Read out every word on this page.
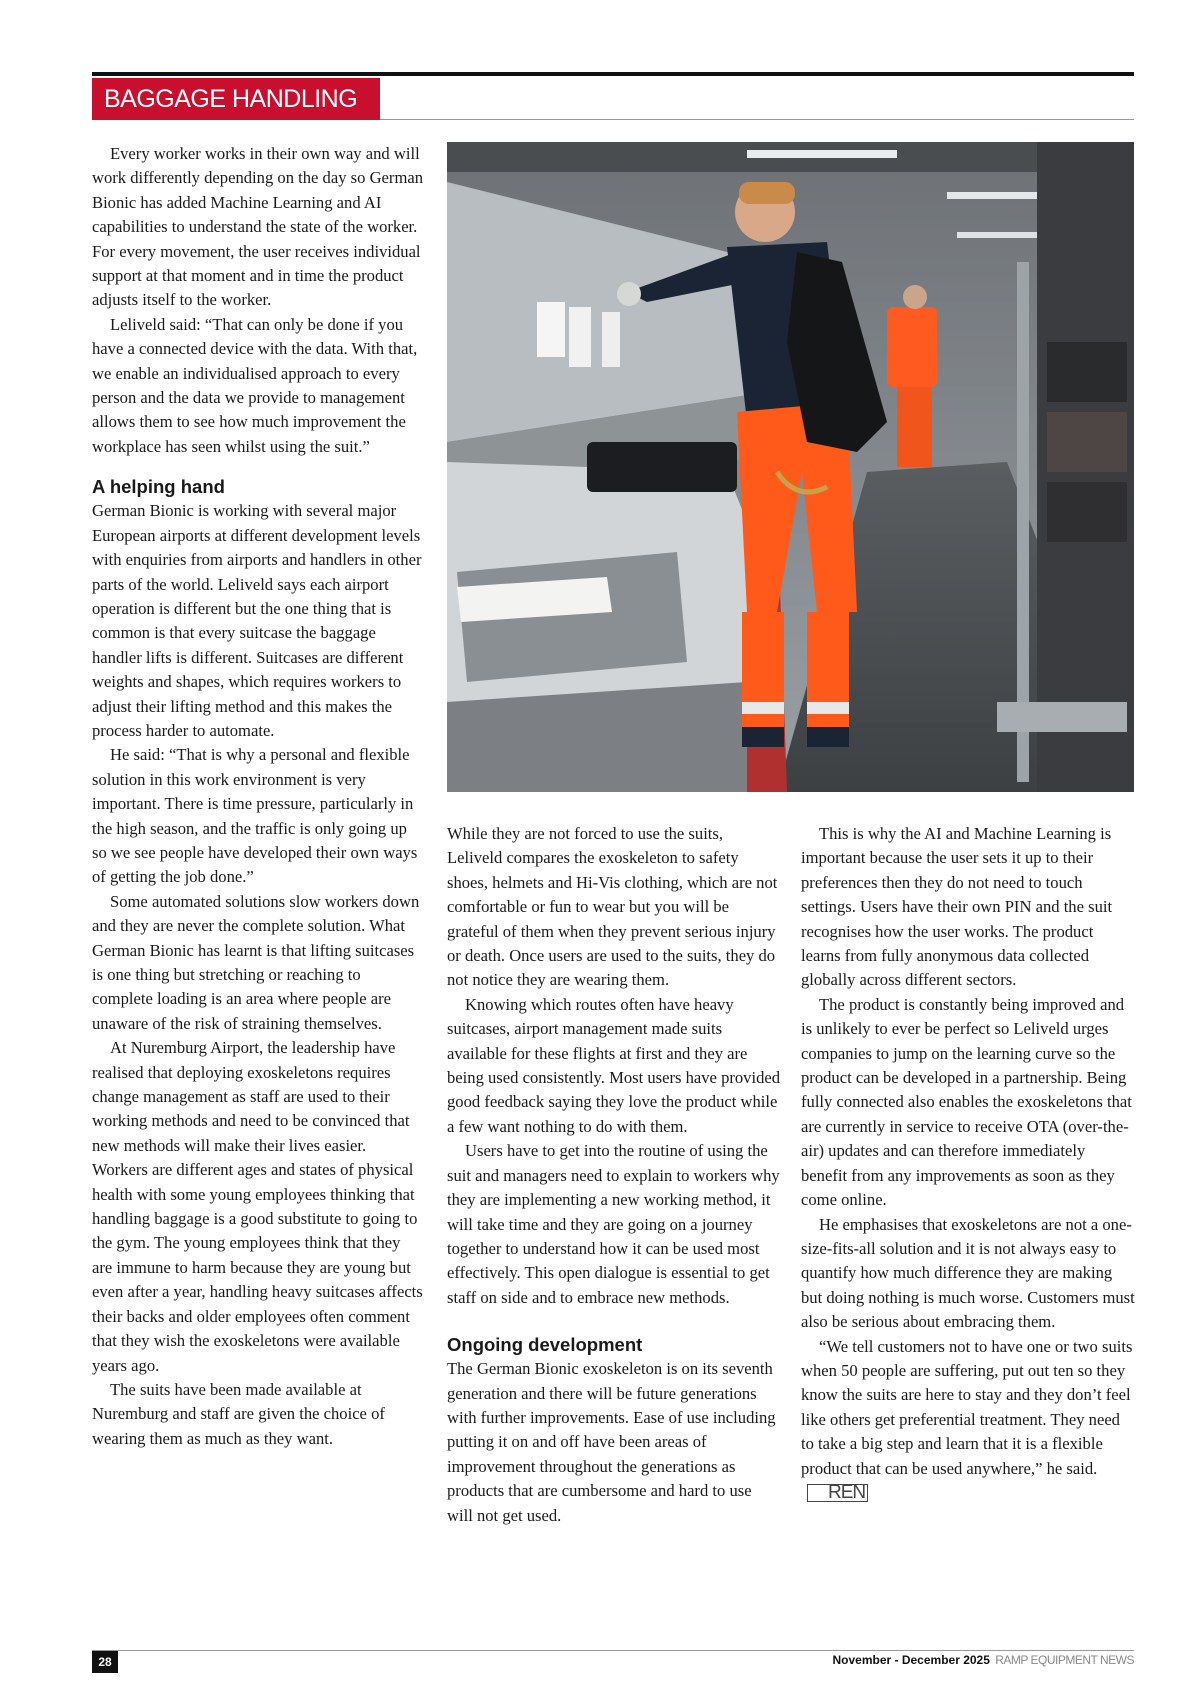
BAGGAGE HANDLING

Every worker works in their own way and will work differently depending on the day so German Bionic has added Machine Learning and AI capabilities to understand the state of the worker. For every movement, the user receives individual support at that moment and in time the product adjusts itself to the worker.

Leliveld said: “That can only be done if you have a connected device with the data. With that, we enable an individualised approach to every person and the data we provide to management allows them to see how much improvement the workplace has seen whilst using the suit.”

A helping hand

German Bionic is working with several major European airports at different development levels with enquiries from airports and handlers in other parts of the world. Leliveld says each airport operation is different but the one thing that is common is that every suitcase the baggage handler lifts is different. Suitcases are different weights and shapes, which requires workers to adjust their lifting method and this makes the process harder to automate.

He said: “That is why a personal and flexible solution in this work environment is very important. There is time pressure, particularly in the high season, and the traffic is only going up so we see people have developed their own ways of getting the job done.”

Some automated solutions slow workers down and they are never the complete solution. What German Bionic has learnt is that lifting suitcases is one thing but stretching or reaching to complete loading is an area where people are unaware of the risk of straining themselves.

At Nuremburg Airport, the leadership have realised that deploying exoskeletons requires change management as staff are used to their working methods and need to be convinced that new methods will make their lives easier. Workers are different ages and states of physical health with some young employees thinking that handling baggage is a good substitute to going to the gym. The young employees think that they are immune to harm because they are young but even after a year, handling heavy suitcases affects their backs and older employees often comment that they wish the exoskeletons were available years ago.

The suits have been made available at Nuremburg and staff are given the choice of wearing them as much as they want.

While they are not forced to use the suits, Leliveld compares the exoskeleton to safety shoes, helmets and Hi-Vis clothing, which are not comfortable or fun to wear but you will be grateful of them when they prevent serious injury or death. Once users are used to the suits, they do not notice they are wearing them.

Knowing which routes often have heavy suitcases, airport management made suits available for these flights at first and they are being used consistently. Most users have provided good feedback saying they love the product while a few want nothing to do with them.

Users have to get into the routine of using the suit and managers need to explain to workers why they are implementing a new working method, it will take time and they are going on a journey together to understand how it can be used most effectively. This open dialogue is essential to get staff on side and to embrace new methods.

Ongoing development

The German Bionic exoskeleton is on its seventh generation and there will be future generations with further improvements. Ease of use including putting it on and off have been areas of improvement throughout the generations as products that are cumbersome and hard to use will not get used.

This is why the AI and Machine Learning is important because the user sets it up to their preferences then they do not need to touch settings. Users have their own PIN and the suit recognises how the user works. The product learns from fully anonymous data collected globally across different sectors.

The product is constantly being improved and is unlikely to ever be perfect so Leliveld urges companies to jump on the learning curve so the product can be developed in a partnership. Being fully connected also enables the exoskeletons that are currently in service to receive OTA (over-the-air) updates and can therefore immediately benefit from any improvements as soon as they come online.

He emphasises that exoskeletons are not a one-size-fits-all solution and it is not always easy to quantify how much difference they are making but doing nothing is much worse. Customers must also be serious about embracing them.

“We tell customers not to have one or two suits when 50 people are suffering, put out ten so they know the suits are here to stay and they don’t feel like others get preferential treatment. They need to take a big step and learn that it is a flexible product that can be used anywhere,” he said.REN

28	November - December 2025 RAMP EQUIPMENT NEWS
